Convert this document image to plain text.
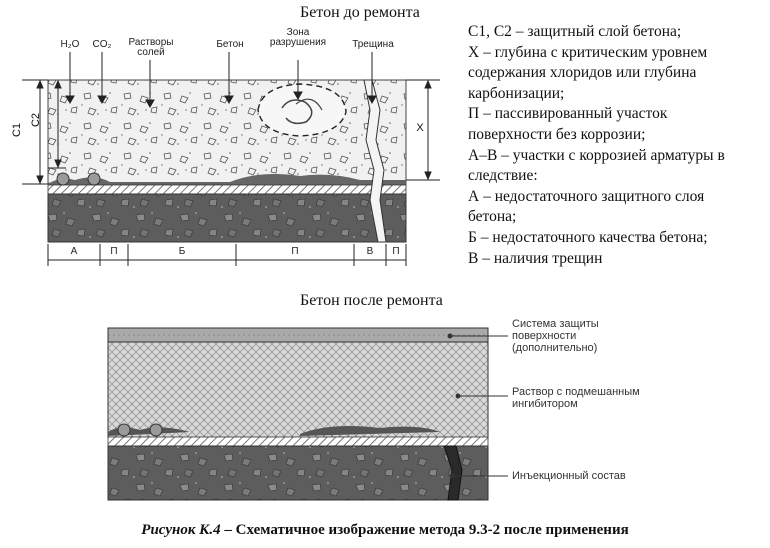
Бетон до ремонта
Бетон после ремонта
H₂O	CO₂	Растворы
солей
Бетон
Зона
разрушения	Трещина
C1
C2
X
А	П	Б	П	В	П
С1, С2 – защитный слой бетона;
Х – глубина с критическим уровнем
содержания хлоридов или глубина
карбонизации;
П – пассивированный участок
поверхности без коррозии;
А–В – участки с коррозией арматуры в
следствие:
А – недостаточного защитного слоя
бетона;
Б – недостаточного качества бетона;
В – наличия трещин
Система защиты
поверхности
(дополнительно)
Раствор с подмешанным
ингибитором
Инъекционный состав
Рисунок К.4 – Схематичное изображение метода 9.3-2 после применения
